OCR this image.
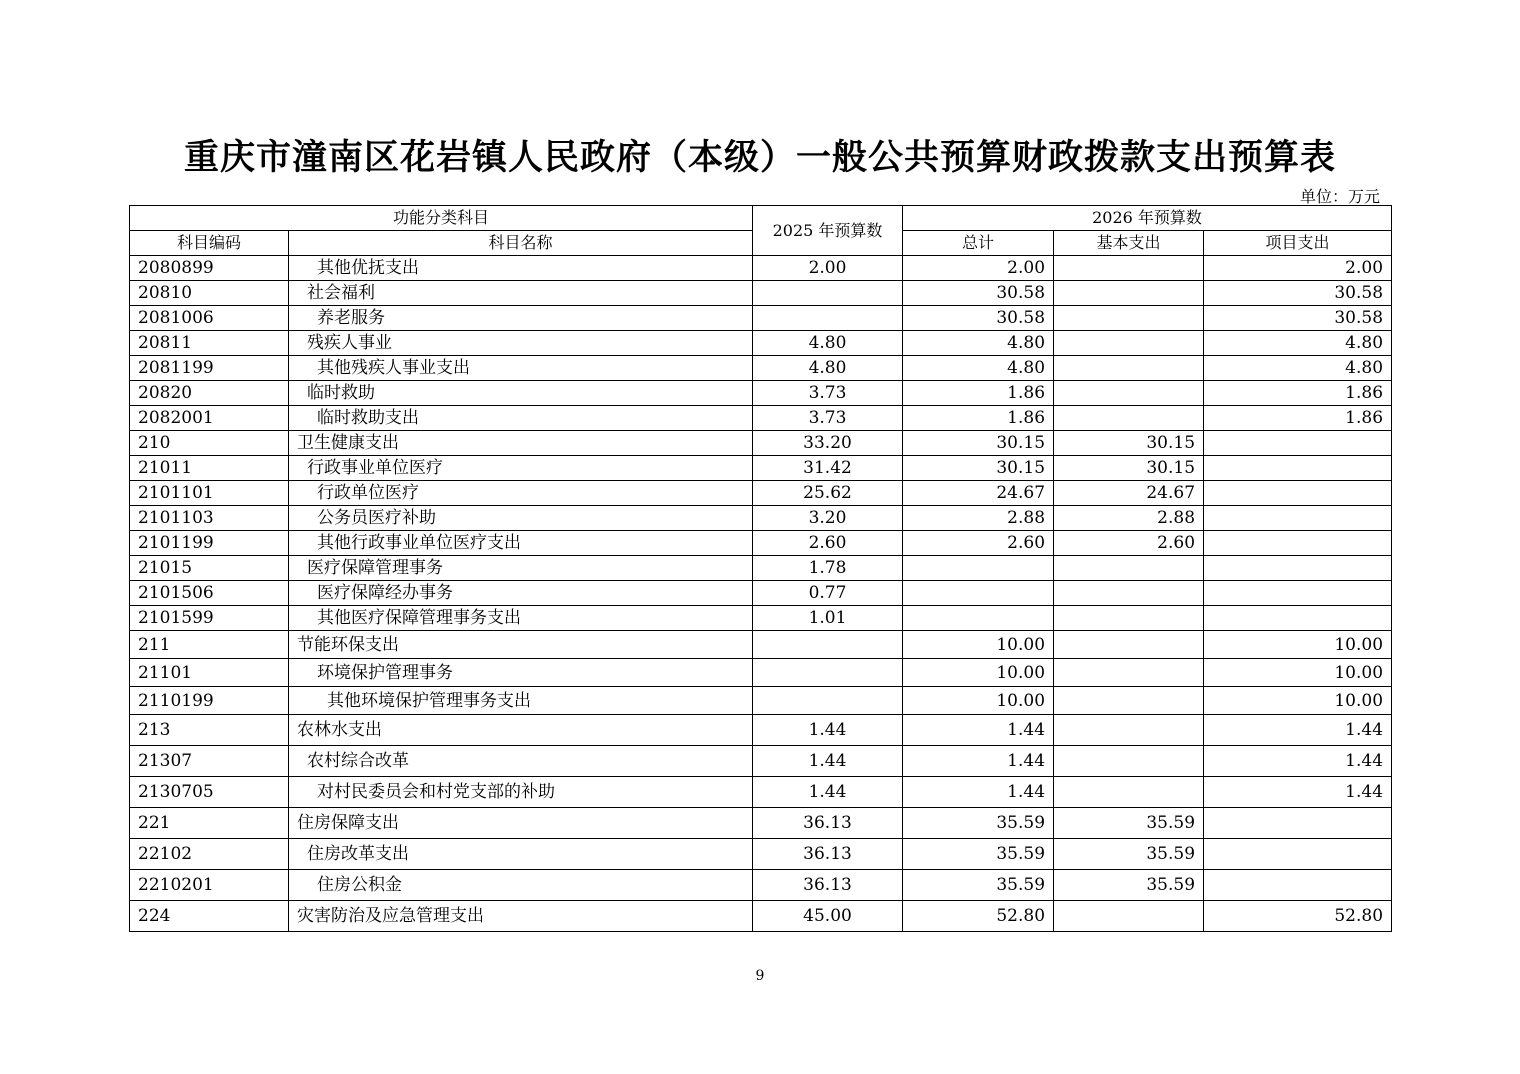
重庆市潼南区花岩镇人民政府（本级）一般公共预算财政拨款支出预算表
单位：万元
功能分类科目		2025 年预算数	2026 年预算数		
科目编码	科目名称		总计	基本支出	项目支出
2080899	其他优抚支出	2.00	2.00		2.00
20810	社会福利		30.58		30.58
2081006	养老服务		30.58		30.58
20811	残疾人事业	4.80	4.80		4.80
2081199	其他残疾人事业支出	4.80	4.80		4.80
20820	临时救助	3.73	1.86		1.86
2082001	临时救助支出	3.73	1.86		1.86
210	卫生健康支出	33.20	30.15	30.15	
21011	行政事业单位医疗	31.42	30.15	30.15	
2101101	行政单位医疗	25.62	24.67	24.67	
2101103	公务员医疗补助	3.20	2.88	2.88	
2101199	其他行政事业单位医疗支出	2.60	2.60	2.60	
21015	医疗保障管理事务	1.78			
2101506	医疗保障经办事务	0.77			
2101599	其他医疗保障管理事务支出	1.01			
211	节能环保支出		10.00		10.00
21101	环境保护管理事务		10.00		10.00
2110199	其他环境保护管理事务支出		10.00		10.00
213	农林水支出	1.44	1.44		1.44
21307	农村综合改革	1.44	1.44		1.44
2130705	对村民委员会和村党支部的补助	1.44	1.44		1.44
221	住房保障支出	36.13	35.59	35.59	
22102	住房改革支出	36.13	35.59	35.59	
2210201	住房公积金	36.13	35.59	35.59	
224	灾害防治及应急管理支出	45.00	52.80		52.80
9
